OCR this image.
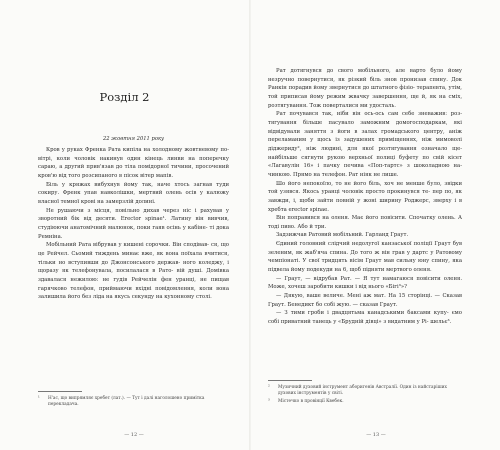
Розділ 2
22 жовтня 2011 року

Кров у руках Френка Рата кипіла на холодному жовтневому по- вітрі, коли чоловік накинув один кінець линви на поперечку сараю, а другий прив'язав до тіла помідорної тичини, просочений кров'ю від того розсипаного в пісок вітер мапів.

Біль у кряжах вибухнув йому так, наче хтось загнав туди сокиру. Френк упав навколішки, мертвий олень осів у калюжу власної темної крові на замерзлій долині.

Не рушаючи з місця, повільно дихав через ніс і рахував у зворотний бік від десяти. Erector spinae¹. Латину він вивчив, студіюючи анатомічний малюнок, поки гаяв осінь у кабіне- ті дока Ремніна.

Мобільний Рата вібрував у кишені сорочки. Він сподівав- ся, що це Рейчел. Сьомий тиждень минає вже, як вона поїхала вчитися, тільки но вступивши до Джонсонського держав- ного коледжу, і щоразу як телефонувала, посилалася в Рато- вій душі. Домівка здавалася нежилою: не гудів Рейчелін фен уранці, не пищав гарячково телефон, приймаючи вхідні повідомлення, коли вона залишила його без ліда на якусь секунду на кухонному столі.

¹	Н'ас, що випрямляє хребет (лат.). — Тут і далі наголошено примітка перекладача.
— 12 —

Рат дотягнувся до свого мобільного, але варто було йому незручно повернутися, як різкий біль знов пронизав спину. Док Ранкін порадив йому звернутися до штатного фізіо- терапевта, утім, той приписав йому режим жвачку завершення, ще й, як на сміх, розтягування. Тож поверталися ми удосталь.

Рат почувався так, ніби він ось-ось сам себе зневажив: роз- тягування більше пасувало заможним домогосподаркам, які відвідували заняття з йоги в залах громадського центру, аніж переламаним у щось із задушених приміщеннях, ніж мимоволі діджериду², ніж людині, для якої розтягування означало ще- найбільше сягнути рукою верхньої полиці буфету по свій кісет «Лагавулін 16» і пачку печива «Поп-тартс» з шоколадною на- чинкою. Прямо на телефон. Рат ніяк не лише.

Шо його непокоїло, то не його біль, хоч не менше було, звідки той узявся. Якось уранці чоловік просто прокинувся те- пер по, як завжди, і, щоби зайти повній у жоні ширину Роджерс, зверху і в хребта erector spinae.

Він поправився на оленя. Має його повісити. Спочатку олень. А тоді пиво. Або й три.

Задзижчав Ратовий мобільний. Гарланд Граут.

Єдиний головний слідчий недолугої канзаської поліції Граут був зеленим, як жаб'яча спина. До того ж він грав у дартс у Ратовому чемпіонаті. У свої тридцять вісім Граут мав сильну юну спину, яка підвела йому подекуди на 6, щоб підняти мертвого оленя.

— Граут, — відрубав Рат. — Я тут намагаюся повісити оленя. Може, хочеш заробити кишки і від нього «Бігі³»?

— Дякую, ваше величе. Мені аж мат. На 15 сторінці. — Сказав Граут. Бенедикт бо собі жую. — сказав Граут.

— З тими гроби і двадцятьма канадськими баксами купу- ємо собі приватний танець у «Брудній дівці» з видатним у Рі- шельє³.

²	Музичний духовий інструмент аборигенів Австралії. Один із найстаріших духових інструментів у світі.
³	Містечко в провінції Квебек.
— 13 —
